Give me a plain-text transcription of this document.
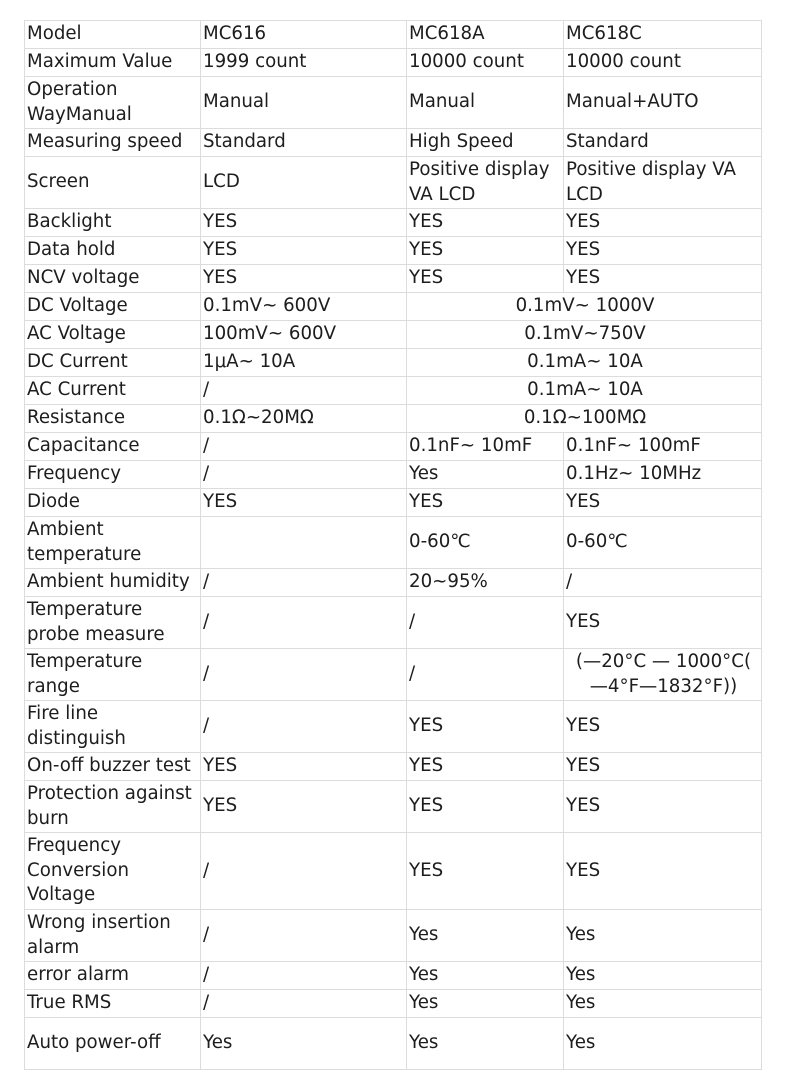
Model	MC616	MC618A	MC618C
Maximum Value	1999 count	10000 count	10000 count
Operation WayManual	Manual	Manual	Manual+AUTO
Measuring speed	Standard	High Speed	Standard
Screen	LCD	Positive display VA LCD	Positive display VA LCD
Backlight	YES	YES	YES
Data hold	YES	YES	YES
NCV voltage	YES	YES	YES
DC Voltage	0.1mV~ 600V	0.1mV~ 1000V	
AC Voltage	100mV~ 600V	0.1mV~750V	
DC Current	1μA~ 10A	0.1mA~ 10A	
AC Current	/	0.1mA~ 10A	
Resistance	0.1Ω~20MΩ	0.1Ω~100MΩ	
Capacitance	/	0.1nF~ 10mF	0.1nF~ 100mF
Frequency	/	Yes	0.1Hz~ 10MHz
Diode	YES	YES	YES
Ambient temperature		0-60℃	0-60℃
Ambient humidity	/	20~95%	/
Temperature probe measure	/	/	YES
Temperature range	/	/	(—20°C — 1000°C( —4°F—1832°F))
Fire line distinguish	/	YES	YES
On-off buzzer test	YES	YES	YES
Protection against burn	YES	YES	YES
Frequency Conversion Voltage	/	YES	YES
Wrong insertion alarm	/	Yes	Yes
error alarm	/	Yes	Yes
True RMS	/	Yes	Yes
Auto power-off	Yes	Yes	Yes
